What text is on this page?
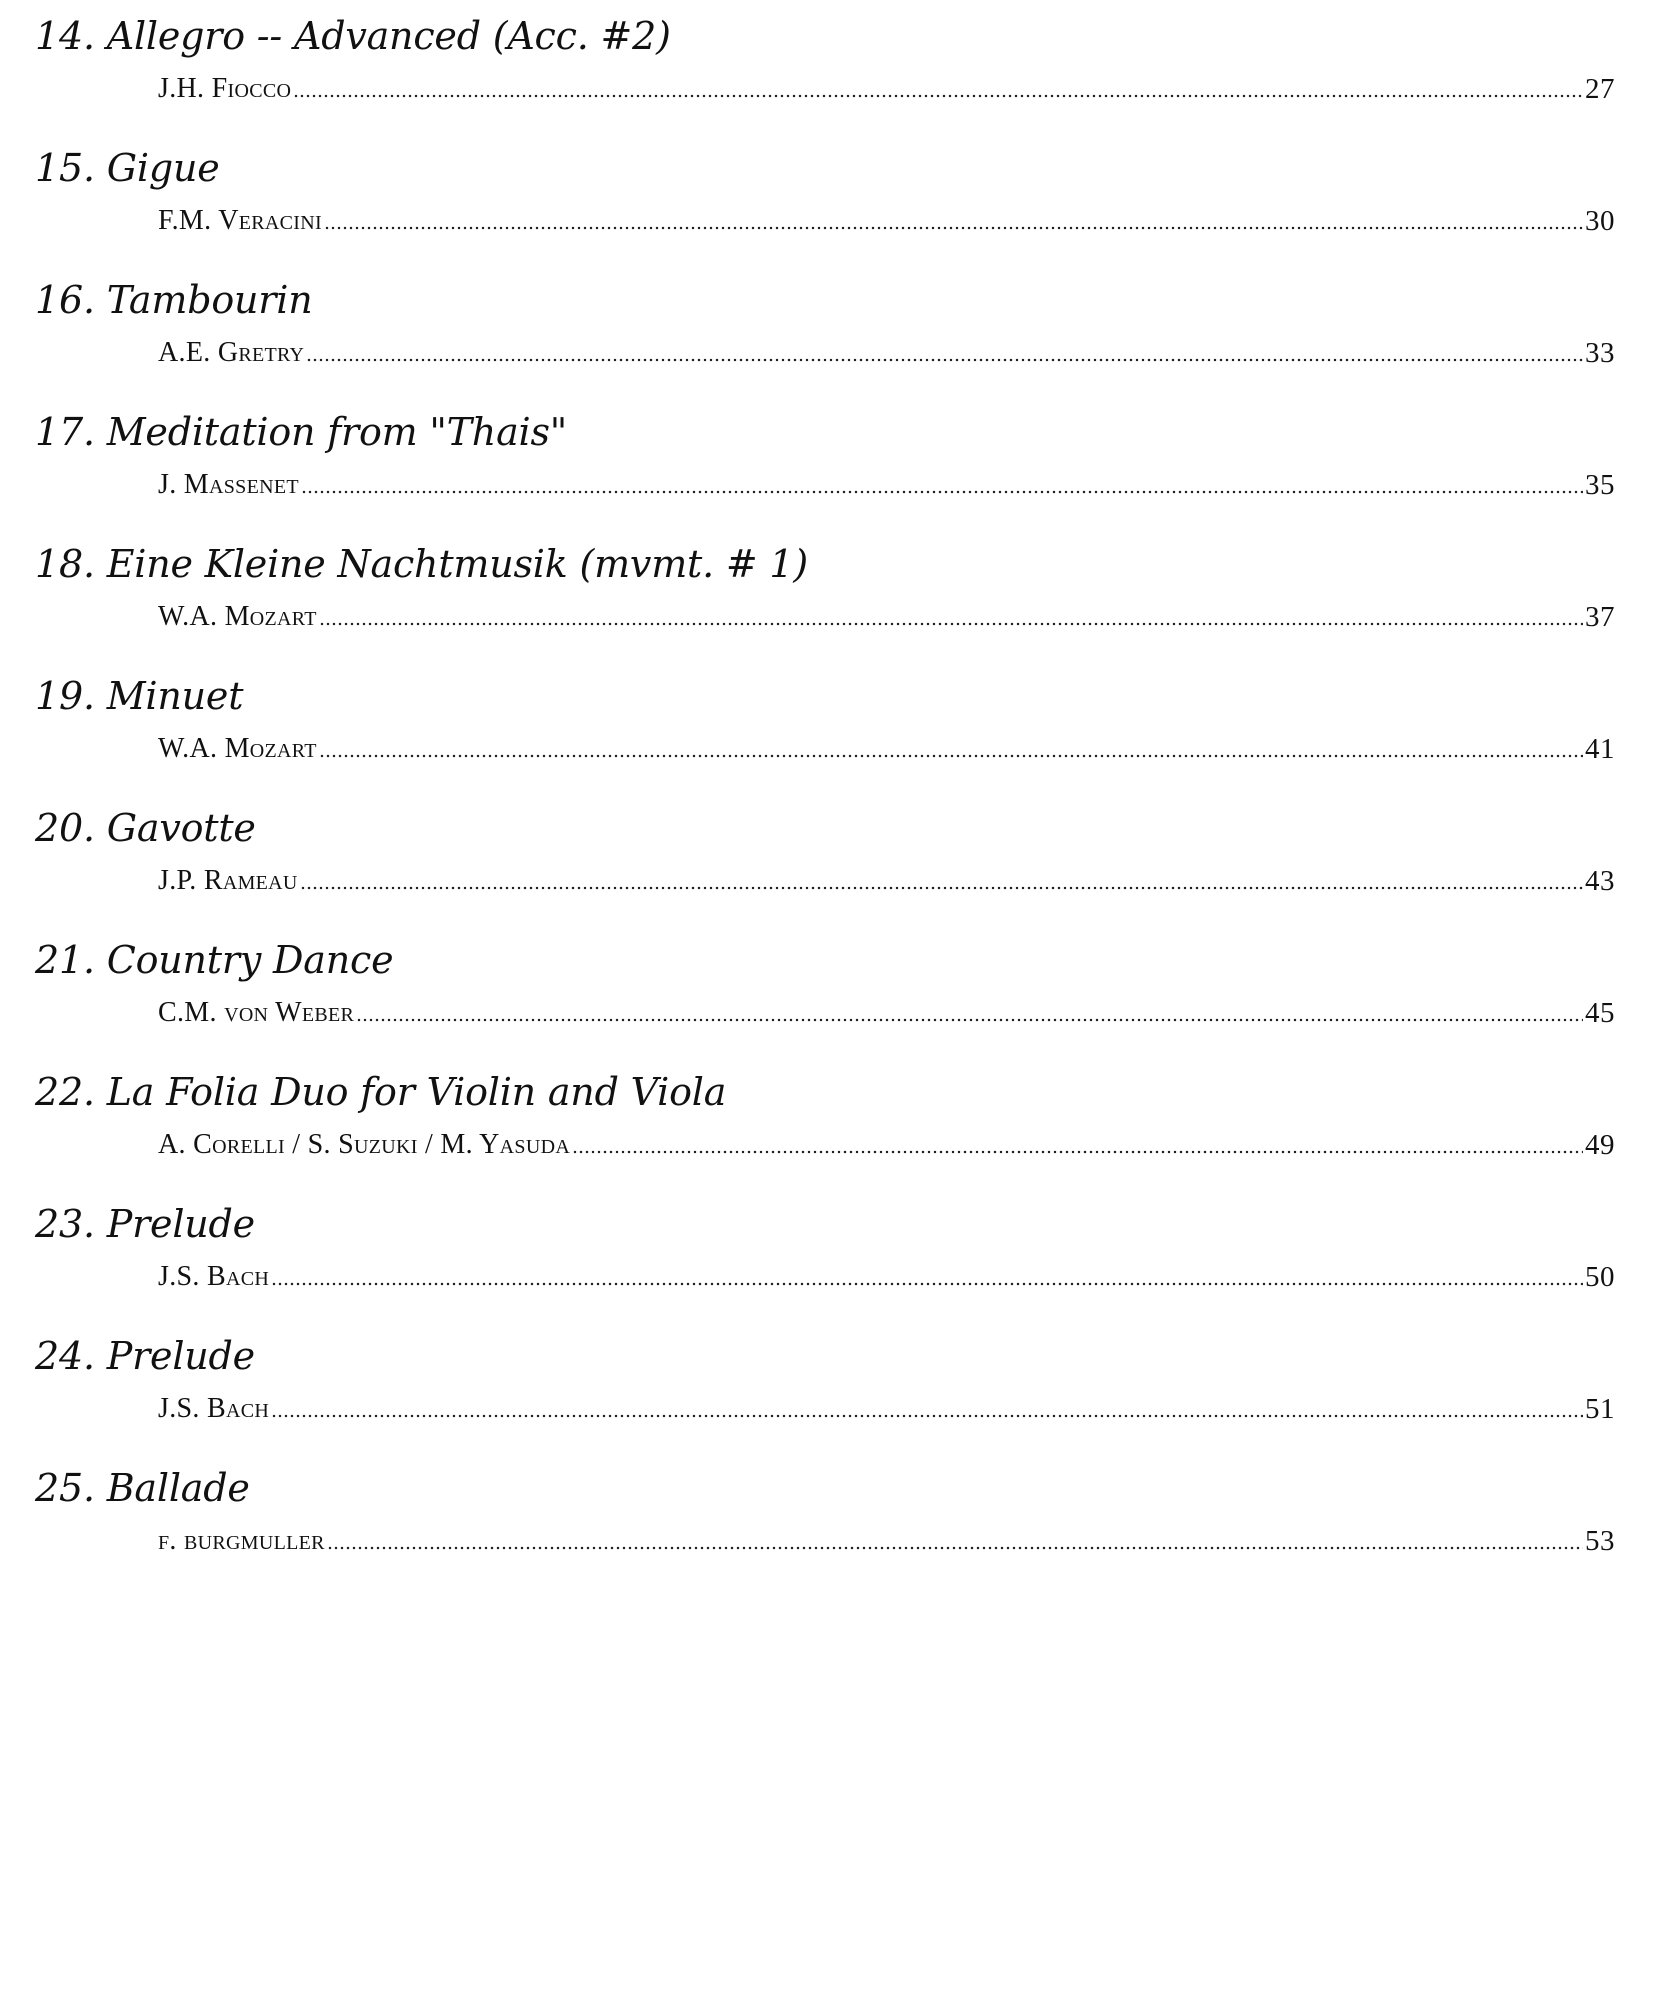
14. Allegro -- Advanced (Acc. #2)
J.H. Fiocco	27
15. Gigue
F.M. Veracini	30
16. Tambourin
A.E. Gretry	33
17. Meditation from "Thais"
J. Massenet	35
18. Eine Kleine Nachtmusik (mvmt. # 1)
W.A. Mozart	37
19. Minuet
W.A. Mozart	41
20. Gavotte
J.P. Rameau	43
21. Country Dance
C.M. von Weber	45
22. La Folia Duo for Violin and Viola
A. Corelli / S. Suzuki / M. Yasuda	49
23. Prelude
J.S. Bach	50
24. Prelude
J.S. Bach	51
25. Ballade
f. burgmuller	53
